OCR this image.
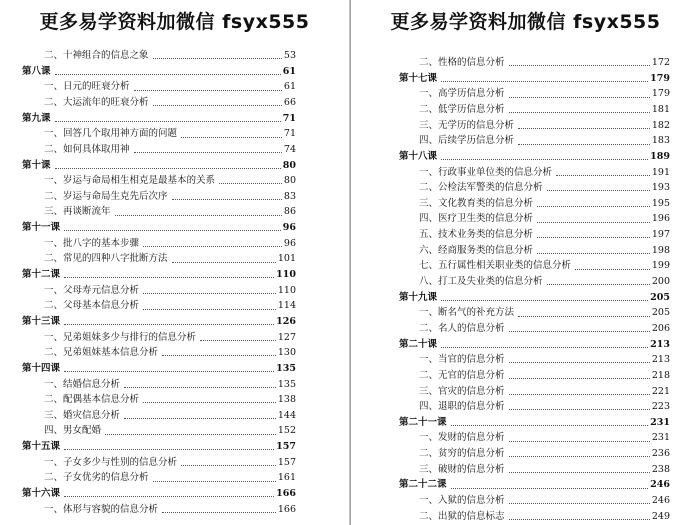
更多易学资料加微信 fsyx555
二、十神组合的信息之象	53
第八课	61
一、日元的旺衰分析	61
二、大运流年的旺衰分析	66
第九课	71
一、回答几个取用神方面的问题	71
二、如何具体取用神	74
第十课	80
一、岁运与命局相生相克是最基本的关系	80
二、岁运与命局生克先后次序	83
三、再谈断流年	86
第十一课	96
一、批八字的基本步骤	96
二、常见的四种八字批断方法	101
第十二课	110
一、父母寿元信息分析	110
二、父母基本信息分析	114
第十三课	126
一、兄弟姐妹多少与排行的信息分析	127
二、兄弟姐妹基本信息分析	130
第十四课	135
一、结婚信息分析	135
二、配偶基本信息分析	138
三、婚灾信息分析	144
四、男女配婚	152
第十五课	157
一、子女多少与性别的信息分析	157
二、子女优劣的信息分析	161
第十六课	166
一、体形与容貌的信息分析	166
更多易学资料加微信 fsyx555
二、性格的信息分析	172
第十七课	179
一、高学历信息分析	179
二、低学历信息分析	181
三、无学历的信息分析	182
四、后续学历信息分析	183
第十八课	189
一、行政事业单位类的信息分析	191
二、公检法军警类的信息分析	193
三、文化教育类的信息分析	195
四、医疗卫生类的信息分析	196
五、技术业务类的信息分析	197
六、经商服务类的信息分析	198
七、五行属性相关职业类的信息分析	199
八、打工及失业类的信息分析	200
第十九课	205
一、断名气的补充方法	205
二、名人的信息分析	206
第二十课	213
一、当官的信息分析	213
二、无官的信息分析	218
三、官灾的信息分析	221
四、退职的信息分析	223
第二十一课	231
一、发财的信息分析	231
二、贫穷的信息分析	236
三、破财的信息分析	238
第二十二课	246
一、入狱的信息分析	246
二、出狱的信息标志	249
